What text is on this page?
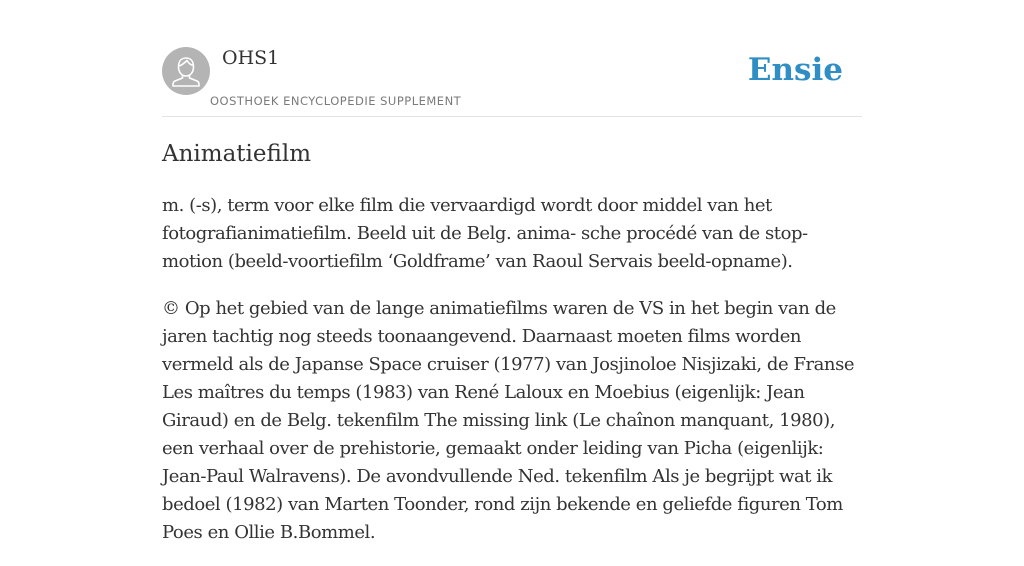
OHS1
OOSTHOEK ENCYCLOPEDIE SUPPLEMENT
Ensie
Animatiefilm

m. (-s), term voor elke film die vervaardigd wordt door middel van het fotografianimatiefilm. Beeld uit de Belg. anima- sche procédé van de stop-motion (beeld-voortiefilm ‘Goldframe’ van Raoul Servais beeld-opname).

© Op het gebied van de lange animatiefilms waren de VS in het begin van de jaren tachtig nog steeds toonaangevend. Daarnaast moeten films worden vermeld als de Japanse Space cruiser (1977) van Josjinoloe Nisjizaki, de Franse Les maîtres du temps (1983) van René Laloux en Moebius (eigenlijk: Jean Giraud) en de Belg. tekenfilm The missing link (Le chaînon manquant, 1980), een verhaal over de prehistorie, gemaakt onder leiding van Picha (eigenlijk: Jean-Paul Walravens). De avondvullende Ned. tekenfilm Als je begrijpt wat ik bedoel (1982) van Marten Toonder, rond zijn bekende en geliefde figuren Tom Poes en Ollie B.Bommel.
